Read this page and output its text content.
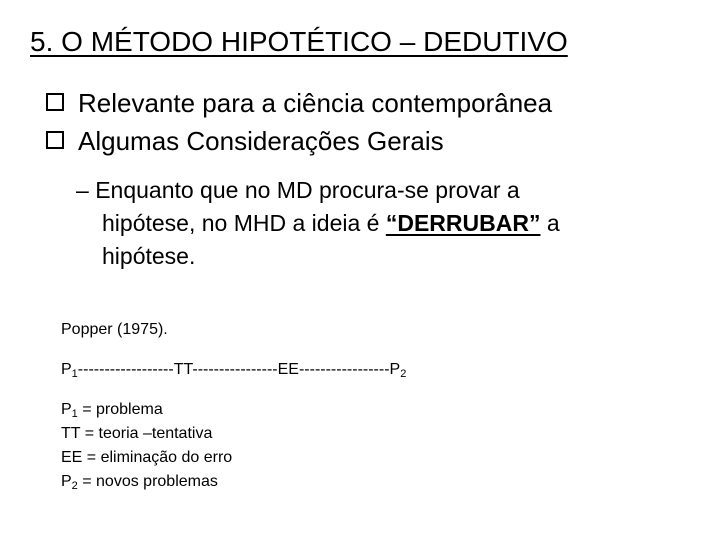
5. O MÉTODO HIPOTÉTICO – DEDUTIVO
Relevante para a ciência contemporânea
Algumas Considerações Gerais
– Enquanto que no MD procura-se provar a
hipótese, no MHD a ideia é “DERRUBAR” a
hipótese.
Popper (1975).
$P_1------------------TT----------------EE-----------------P_2$
$P_1$ = problema
TT = teoria –tentativa
EE = eliminação do erro
$P_2$ = novos problemas
